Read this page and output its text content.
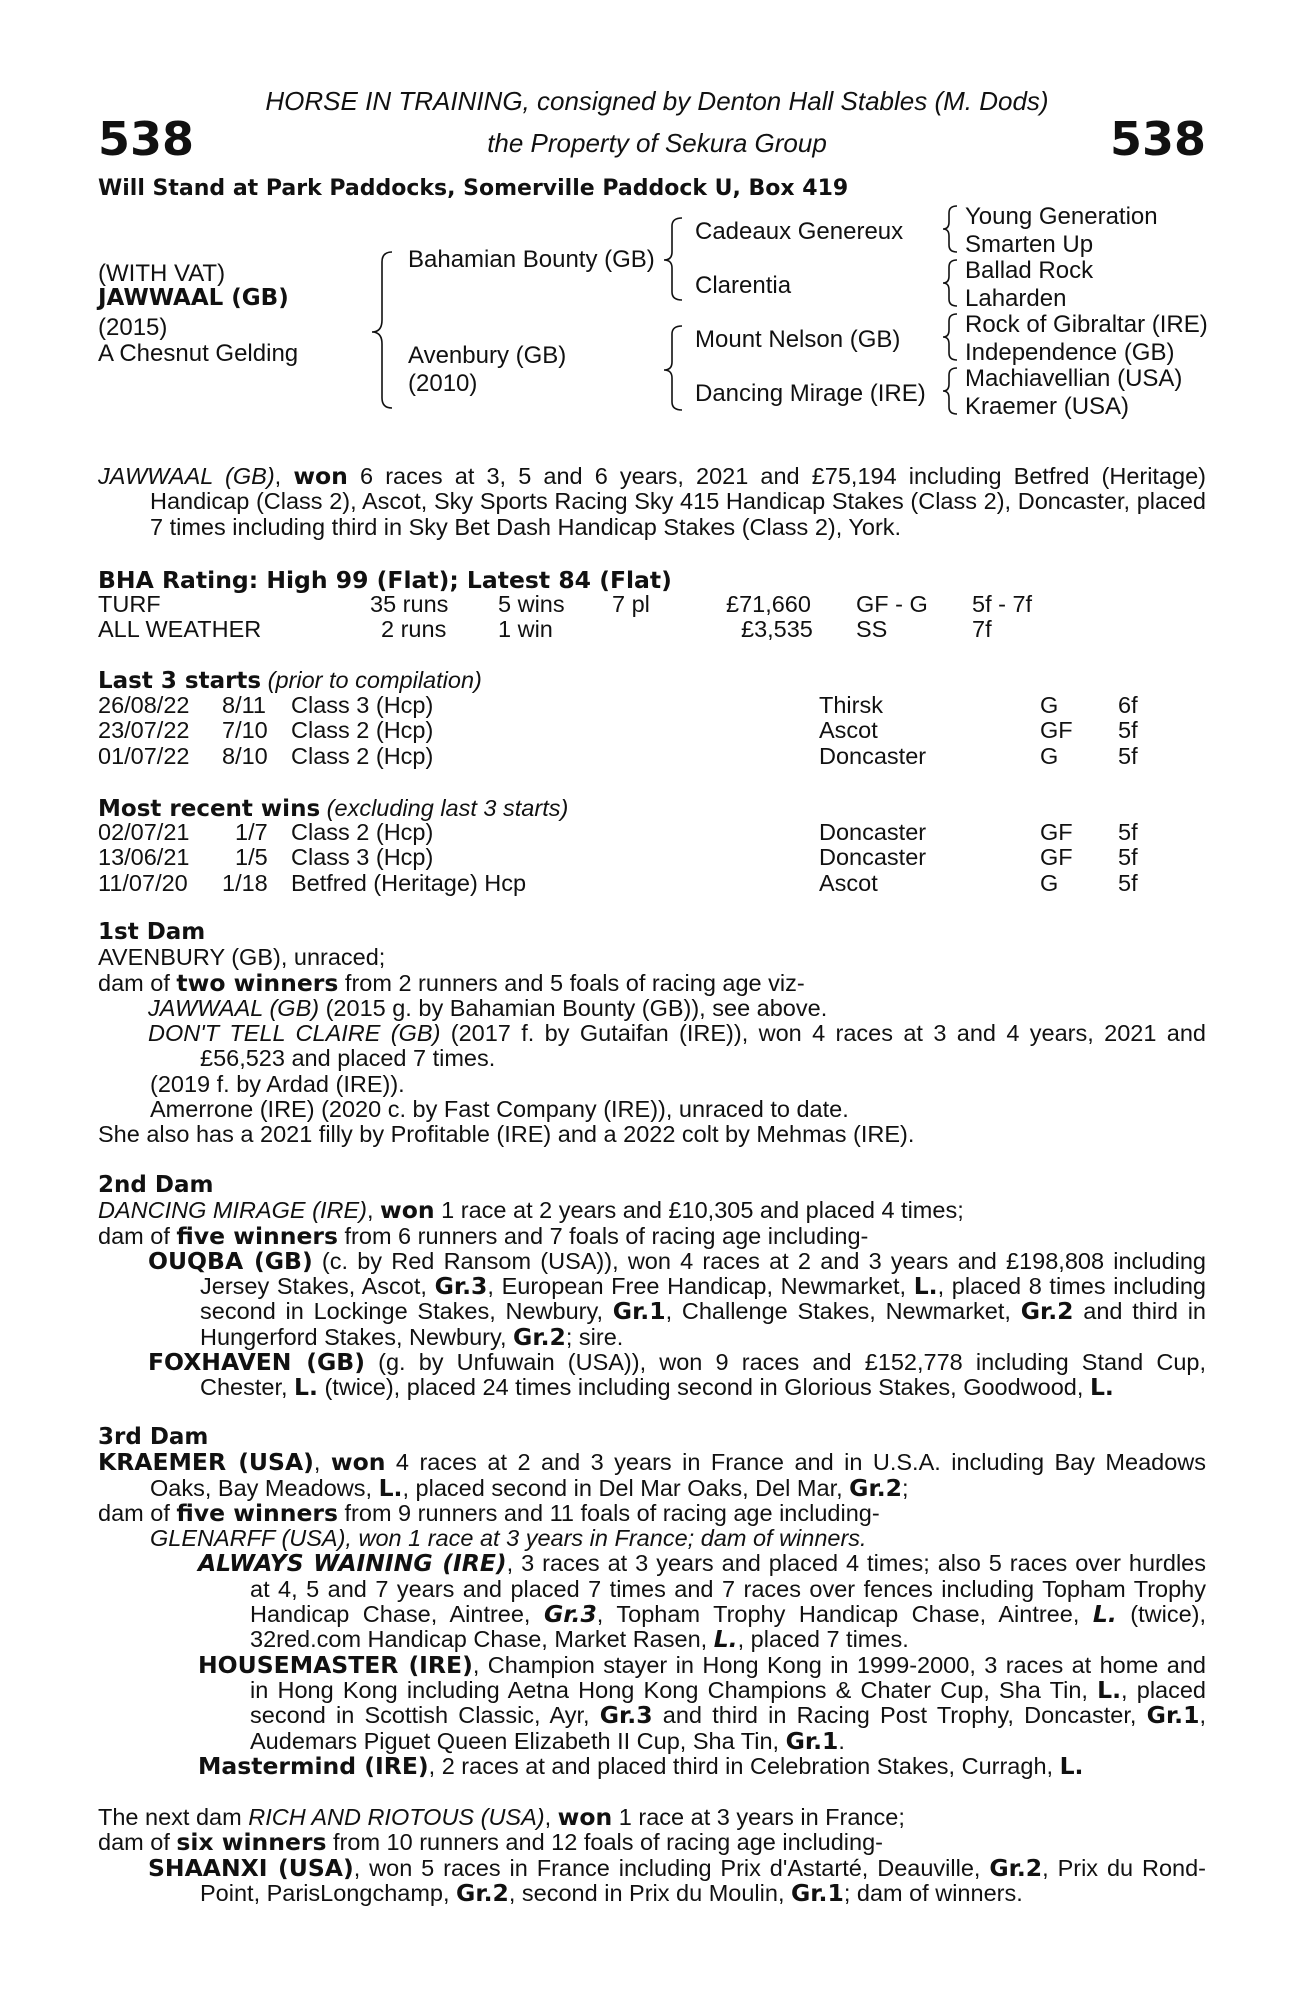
538	538
HORSE IN TRAINING, consigned by Denton Hall Stables (M. Dods)
the Property of Sekura Group
Will Stand at Park Paddocks, Somerville Paddock U, Box 419
(WITH VAT)
JAWWAAL (GB)
(2015)
A Chesnut Gelding
Bahamian Bounty (GB)
Avenbury (GB)
(2010)
Cadeaux Genereux
Clarentia
Mount Nelson (GB)
Dancing Mirage (IRE)
Young Generation
Smarten Up
Ballad Rock
Laharden
Rock of Gibraltar (IRE)
Independence (GB)
Machiavellian (USA)
Kraemer (USA)

JAWWAAL (GB), won 6 races at 3, 5 and 6 years, 2021 and £75,194 including Betfred (Heritage) Handicap (Class 2), Ascot, Sky Sports Racing Sky 415 Handicap Stakes (Class 2), Doncaster, placed 7 times including third in Sky Bet Dash Handicap Stakes (Class 2), York.

BHA Rating: High 99 (Flat); Latest 84 (Flat)
TURF	35 runs 5 wins 7 pl	£71,660 GF - G 5f - 7f
ALL WEATHER	2 runs 1 win	£3,535 SS	7f
Last 3 starts (prior to compilation)
26/08/22 8/11 Class 3 (Hcp)	Thirsk	G	6f
23/07/22 7/10 Class 2 (Hcp)	Ascot	GF 5f
01/07/22 8/10 Class 2 (Hcp)	Doncaster	G	5f
Most recent wins (excluding last 3 starts)
02/07/21 1/7 Class 2 (Hcp)	Doncaster	GF 5f
13/06/21 1/5 Class 3 (Hcp)	Doncaster	GF 5f
11/07/20 1/18 Betfred (Heritage) Hcp	Ascot	G	5f

1st Dam

AVENBURY (GB), unraced;

dam of two winners from 2 runners and 5 foals of racing age viz-

JAWWAAL (GB) (2015 g. by Bahamian Bounty (GB)), see above.

DON'T TELL CLAIRE (GB) (2017 f. by Gutaifan (IRE)), won 4 races at 3 and 4 years, 2021 and £56,523 and placed 7 times.

(2019 f. by Ardad (IRE)).

Amerrone (IRE) (2020 c. by Fast Company (IRE)), unraced to date.

She also has a 2021 filly by Profitable (IRE) and a 2022 colt by Mehmas (IRE).

2nd Dam

DANCING MIRAGE (IRE), won 1 race at 2 years and £10,305 and placed 4 times;

dam of five winners from 6 runners and 7 foals of racing age including-

OUQBA (GB) (c. by Red Ransom (USA)), won 4 races at 2 and 3 years and £198,808 including Jersey Stakes, Ascot, Gr.3, European Free Handicap, Newmarket, L., placed 8 times including second in Lockinge Stakes, Newbury, Gr.1, Challenge Stakes, Newmarket, Gr.2 and third in Hungerford Stakes, Newbury, Gr.2; sire.

FOXHAVEN (GB) (g. by Unfuwain (USA)), won 9 races and £152,778 including Stand Cup, Chester, L. (twice), placed 24 times including second in Glorious Stakes, Goodwood, L.

3rd Dam

KRAEMER (USA), won 4 races at 2 and 3 years in France and in U.S.A. including Bay Meadows Oaks, Bay Meadows, L., placed second in Del Mar Oaks, Del Mar, Gr.2;

dam of five winners from 9 runners and 11 foals of racing age including-

GLENARFF (USA), won 1 race at 3 years in France; dam of winners.

ALWAYS WAINING (IRE), 3 races at 3 years and placed 4 times; also 5 races over hurdles at 4, 5 and 7 years and placed 7 times and 7 races over fences including Topham Trophy Handicap Chase, Aintree, Gr.3, Topham Trophy Handicap Chase, Aintree, L. (twice), 32red.com Handicap Chase, Market Rasen, L., placed 7 times.

HOUSEMASTER (IRE), Champion stayer in Hong Kong in 1999-2000, 3 races at home and in Hong Kong including Aetna Hong Kong Champions & Chater Cup, Sha Tin, L., placed second in Scottish Classic, Ayr, Gr.3 and third in Racing Post Trophy, Doncaster, Gr.1, Audemars Piguet Queen Elizabeth II Cup, Sha Tin, Gr.1.

Mastermind (IRE), 2 races at and placed third in Celebration Stakes, Curragh, L.

The next dam RICH AND RIOTOUS (USA), won 1 race at 3 years in France;

dam of six winners from 10 runners and 12 foals of racing age including-

SHAANXI (USA), won 5 races in France including Prix d'Astarté, Deauville, Gr.2, Prix du Rond-Point, ParisLongchamp, Gr.2, second in Prix du Moulin, Gr.1; dam of winners.
